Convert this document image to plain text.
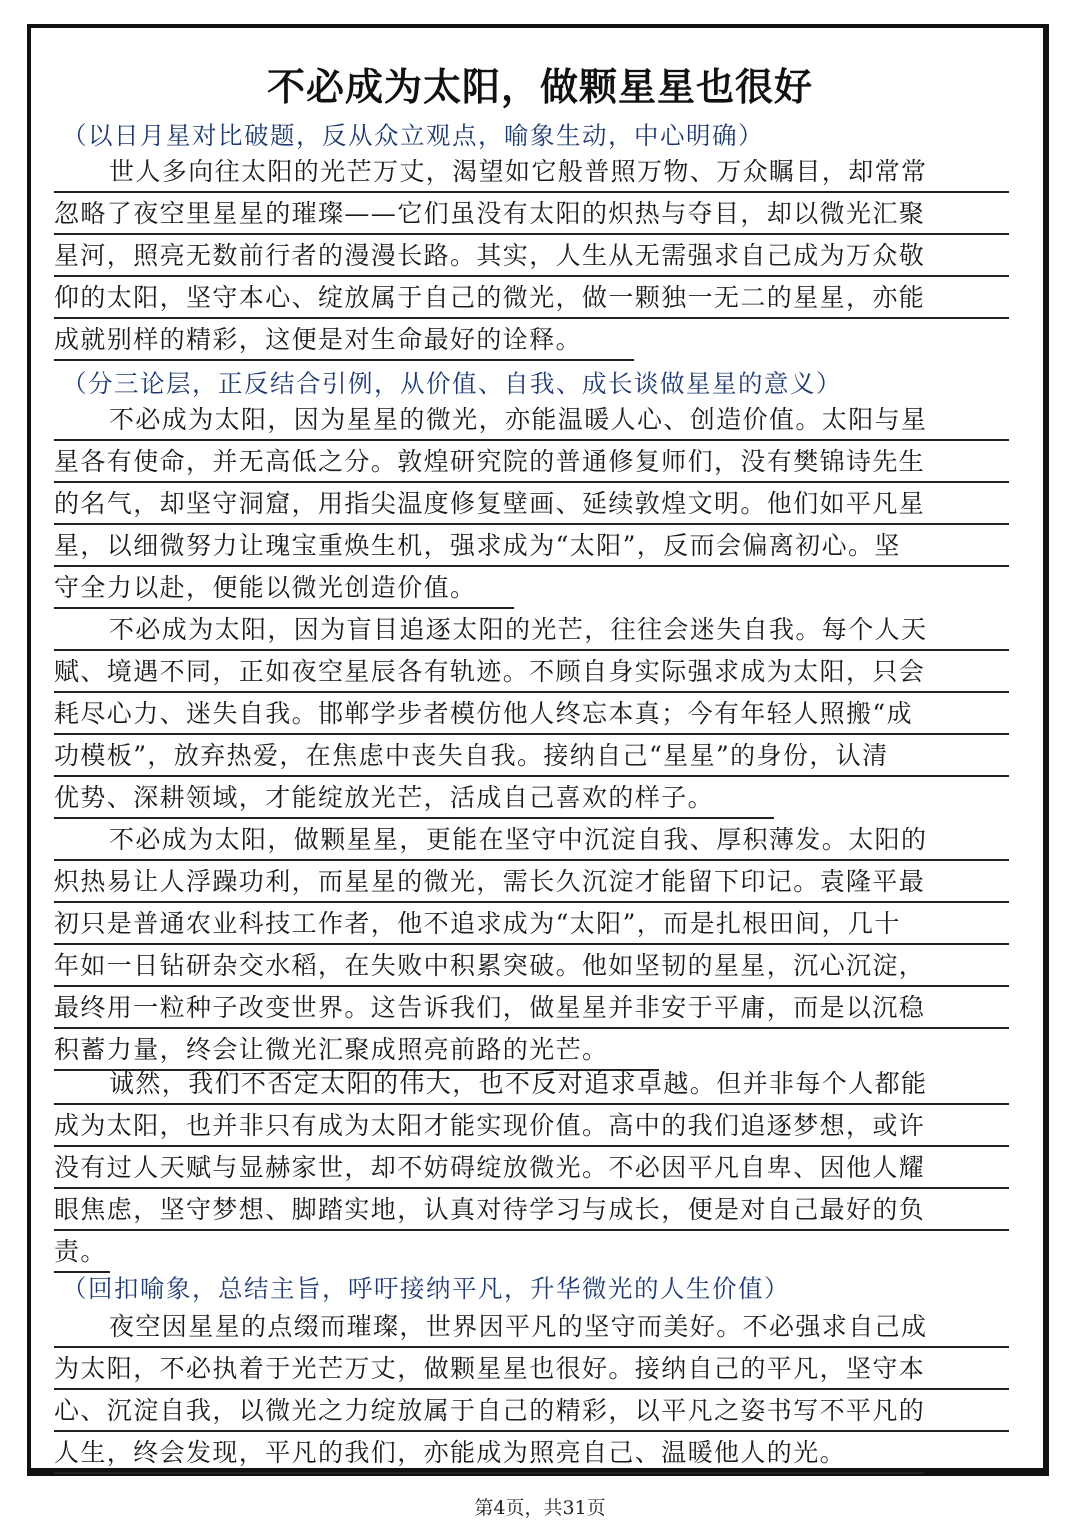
不必成为太阳，做颗星星也很好
（以日月星对比破题，反从众立观点，喻象生动，中心明确）
世人多向往太阳的光芒万丈，渴望如它般普照万物、万众瞩目，却常常
忽略了夜空里星星的璀璨——它们虽没有太阳的炽热与夺目，却以微光汇聚
星河，照亮无数前行者的漫漫长路。其实，人生从无需强求自己成为万众敬
仰的太阳，坚守本心、绽放属于自己的微光，做一颗独一无二的星星，亦能
成就别样的精彩，这便是对生命最好的诠释。
（分三论层，正反结合引例，从价值、自我、成长谈做星星的意义）
不必成为太阳，因为星星的微光，亦能温暖人心、创造价值。太阳与星
星各有使命，并无高低之分。敦煌研究院的普通修复师们，没有樊锦诗先生
的名气，却坚守洞窟，用指尖温度修复壁画、延续敦煌文明。他们如平凡星
星，以细微努力让瑰宝重焕生机，强求成为“太阳”，反而会偏离初心。坚
守全力以赴，便能以微光创造价值。
不必成为太阳，因为盲目追逐太阳的光芒，往往会迷失自我。每个人天
赋、境遇不同，正如夜空星辰各有轨迹。不顾自身实际强求成为太阳，只会
耗尽心力、迷失自我。邯郸学步者模仿他人终忘本真；今有年轻人照搬“成
功模板”，放弃热爱，在焦虑中丧失自我。接纳自己“星星”的身份，认清
优势、深耕领域，才能绽放光芒，活成自己喜欢的样子。
不必成为太阳，做颗星星，更能在坚守中沉淀自我、厚积薄发。太阳的
炽热易让人浮躁功利，而星星的微光，需长久沉淀才能留下印记。袁隆平最
初只是普通农业科技工作者，他不追求成为“太阳”，而是扎根田间，几十
年如一日钻研杂交水稻，在失败中积累突破。他如坚韧的星星，沉心沉淀，
最终用一粒种子改变世界。这告诉我们，做星星并非安于平庸，而是以沉稳
积蓄力量，终会让微光汇聚成照亮前路的光芒。
诚然，我们不否定太阳的伟大，也不反对追求卓越。但并非每个人都能
成为太阳，也并非只有成为太阳才能实现价值。高中的我们追逐梦想，或许
没有过人天赋与显赫家世，却不妨碍绽放微光。不必因平凡自卑、因他人耀
眼焦虑，坚守梦想、脚踏实地，认真对待学习与成长，便是对自己最好的负
责。
（回扣喻象，总结主旨，呼吁接纳平凡，升华微光的人生价值）
夜空因星星的点缀而璀璨，世界因平凡的坚守而美好。不必强求自己成
为太阳，不必执着于光芒万丈，做颗星星也很好。接纳自己的平凡，坚守本
心、沉淀自我，以微光之力绽放属于自己的精彩，以平凡之姿书写不平凡的
人生，终会发现，平凡的我们，亦能成为照亮自己、温暖他人的光。
第4页，共31页
